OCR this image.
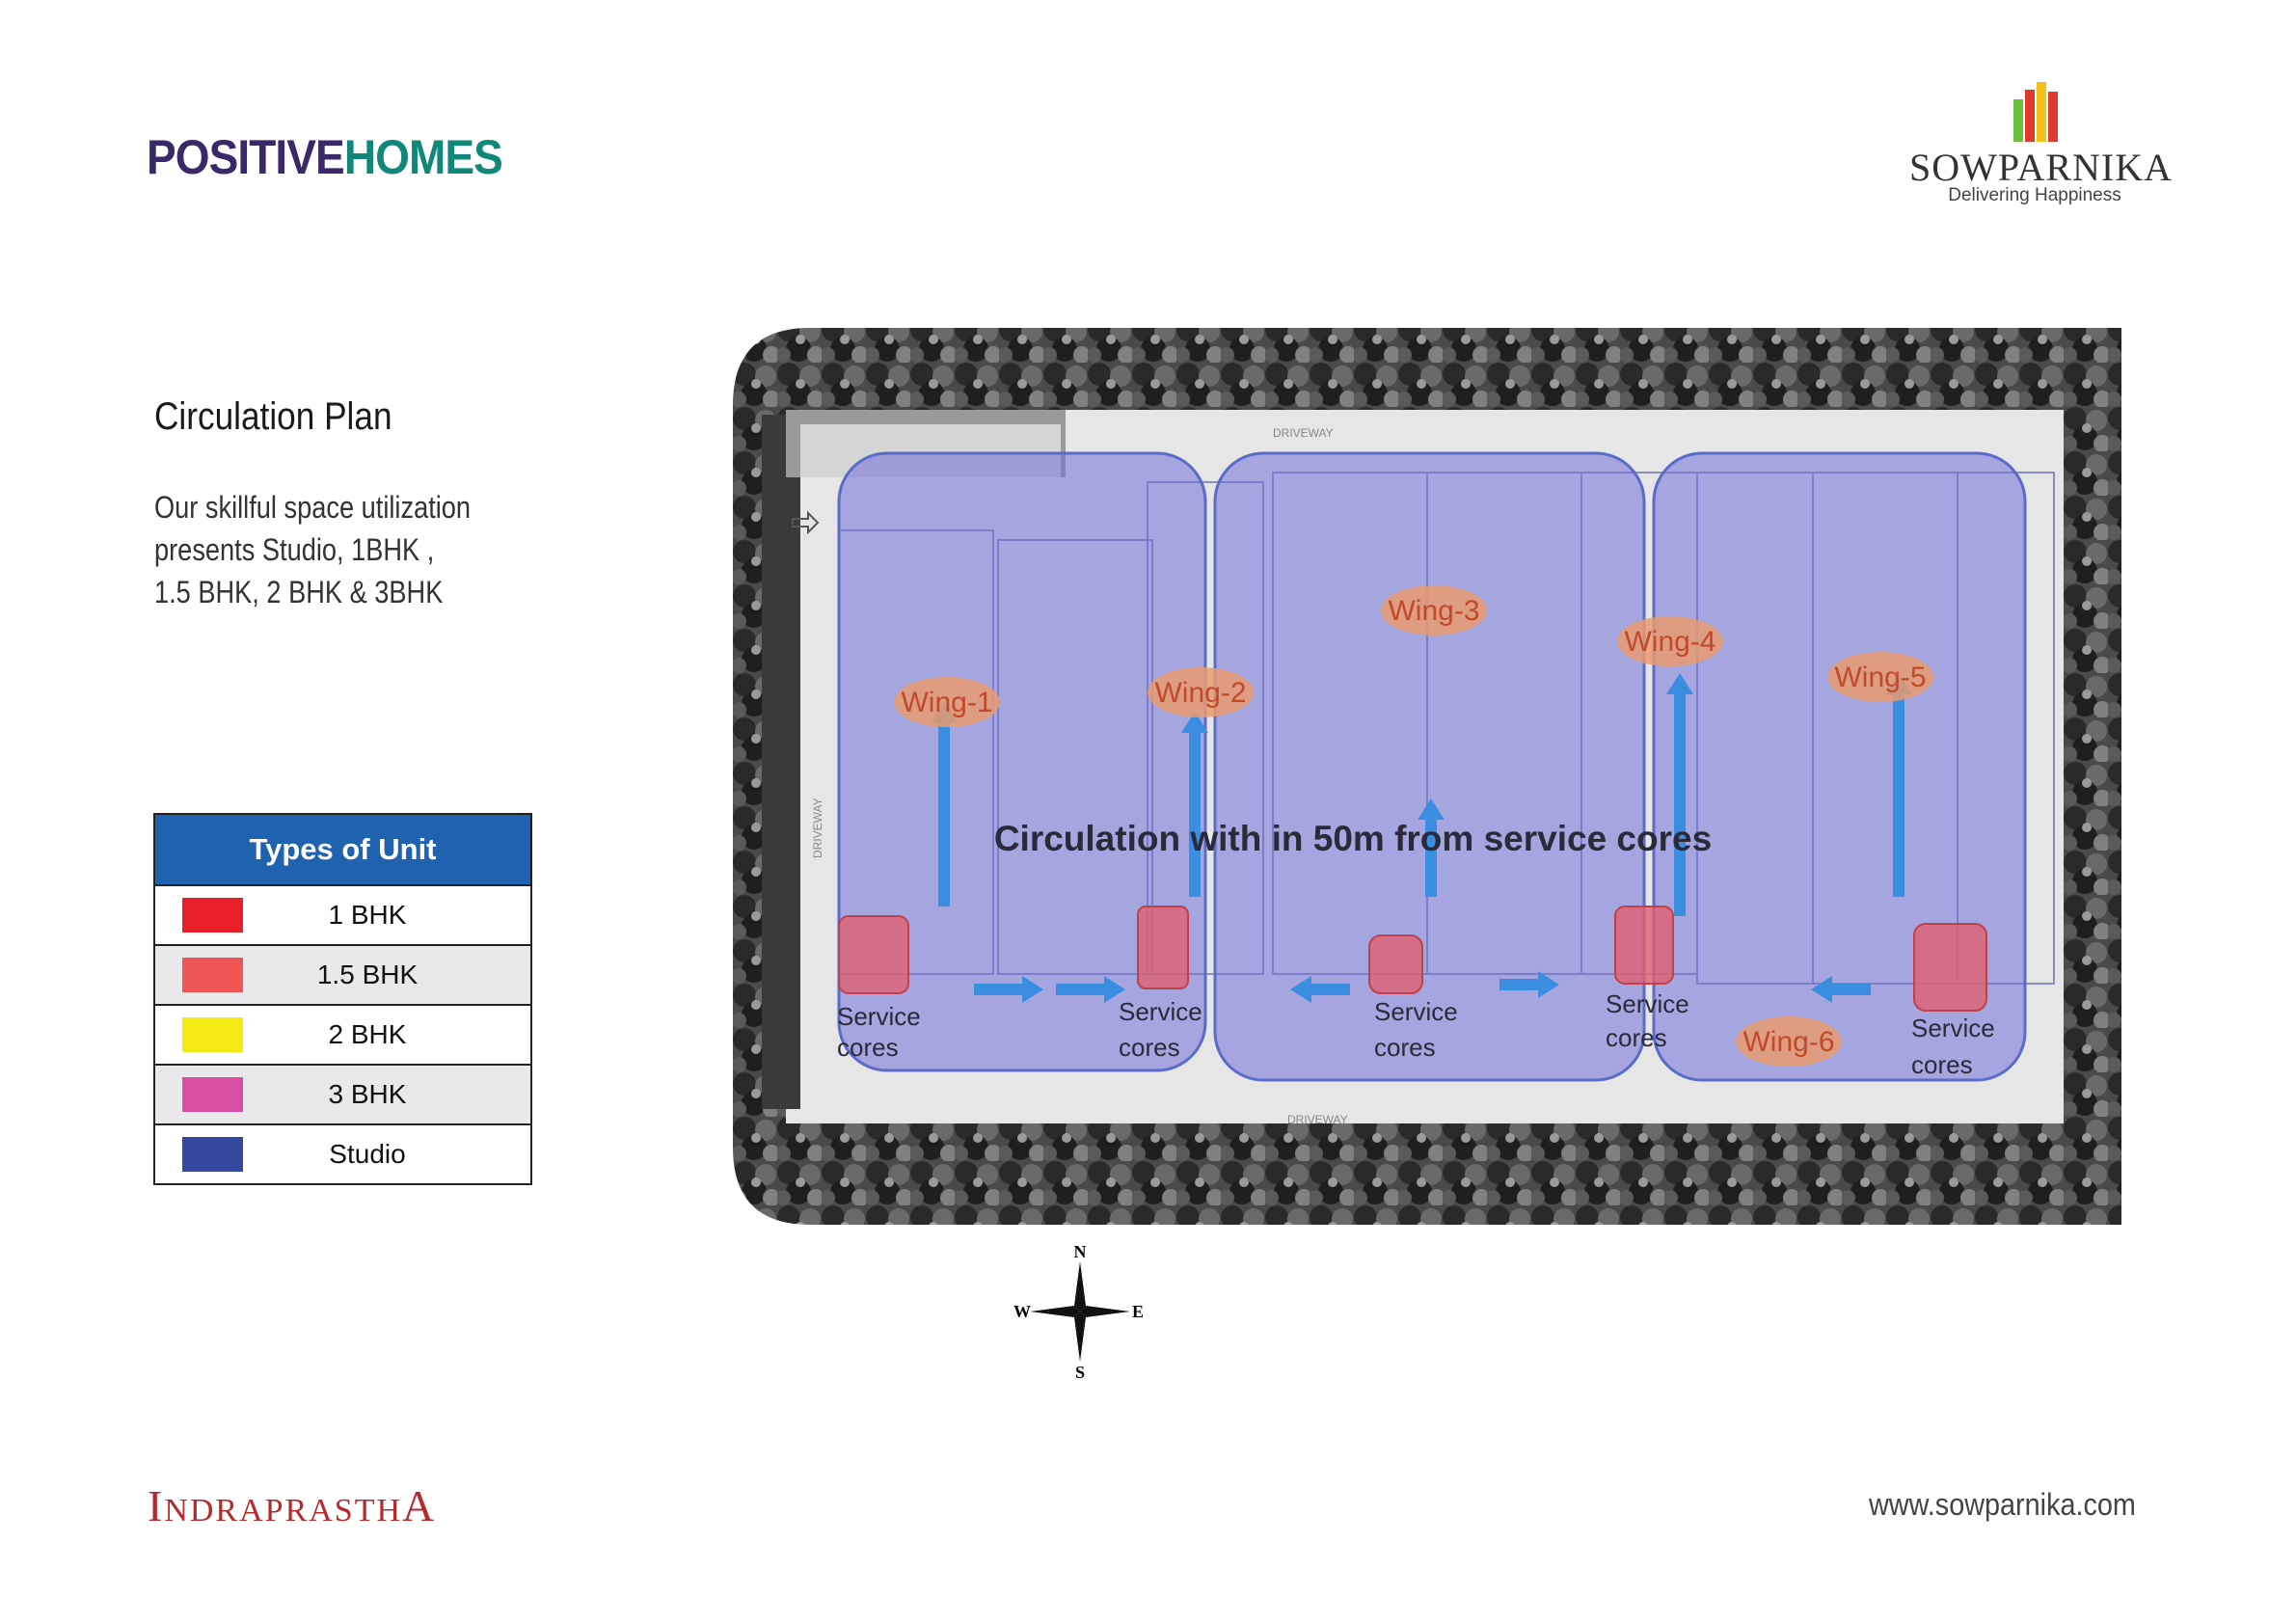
POSITIVEHOMES	SOWPARNIKA
Delivering Happiness
Circulation Plan
Our skillful space utilization
presents Studio, 1BHK ,
1.5 BHK, 2 BHK & 3BHK
Types of Unit
1 BHK
1.5 BHK
2 BHK
3 BHK
Studio
DRIVEWAY
DRIVEWAY
DRIVEWAY
Wing-1	Wing-2
Wing-3
Wing-4
Wing-5
Wing-6
Circulation with in 50m from service cores
Service
cores
Service
cores
Service
cores
Service
cores	Service
cores
N
S
E
W
INDRAPRASTHA	www.sowparnika.com
